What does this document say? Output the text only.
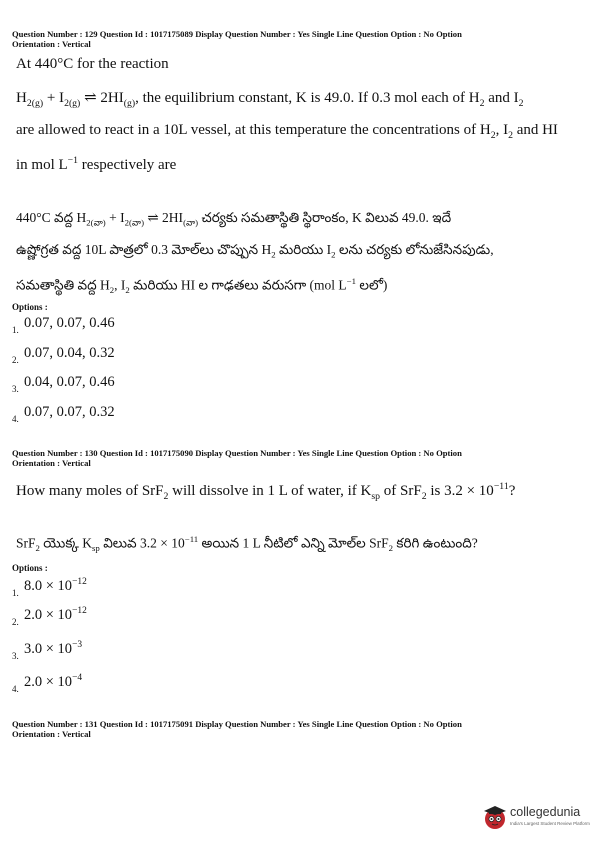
Question Number : 129 Question Id : 1017175089 Display Question Number : Yes Single Line Question Option : No Option
Orientation : Vertical
At 440°C for the reaction
$H_{2(g)} + I_{2(g)}$ ⇌ $2HI_{(g)}$, the equilibrium constant, K is 49.0. If 0.3 mol each of $H_2$ and $I_2$
are allowed to react in a 10L vessel, at this temperature the concentrations of $H_2$, $I_2$ and HI
in mol $L^{-1}$ respectively are
440°C వద్ద $H_{2(వా)} + I_{2(వా)}$ ⇌ $2HI_{(వా)}$ చర్యకు సమతాస్థితి స్థిరాంకం, K విలువ 49.0. ఇదే
ఉష్ణోగ్రత వద్ద 10L పాత్రలో 0.3 మోల్‌లు చొప్పున $H_2$ మరియు $I_2$ లను చర్యకు లోనుజేసినపుడు,
సమతాస్థితి వద్ద $H_2$, $I_2$ మరియు HI ల గాఢతలు వరుసగా (mol $L^{-1}$ లలో)
Options :
1. 0.07, 0.07, 0.46
2. 0.07, 0.04, 0.32
3. 0.04, 0.07, 0.46
4. 0.07, 0.07, 0.32
Question Number : 130 Question Id : 1017175090 Display Question Number : Yes Single Line Question Option : No Option
Orientation : Vertical
How many moles of SrF$_2$ will dissolve in 1 L of water, if $K_{sp}$ of SrF$_2$ is $3.2 \times 10^{-11}$?
SrF$_2$ యొక్క $K_{sp}$ విలువ $3.2 \times 10^{-11}$ అయిన 1 L నీటిలో ఎన్ని మోల్‌ల SrF$_2$ కరిగి ఉంటుంది?
Options :
1. $8.0 \times 10^{-12}$
2. $2.0 \times 10^{-12}$
3. $3.0 \times 10^{-3}$
4. $2.0 \times 10^{-4}$
Question Number : 131 Question Id : 1017175091 Display Question Number : Yes Single Line Question Option : No Option
Orientation : Vertical
collegedunia
India's Largest Student Review Platform
